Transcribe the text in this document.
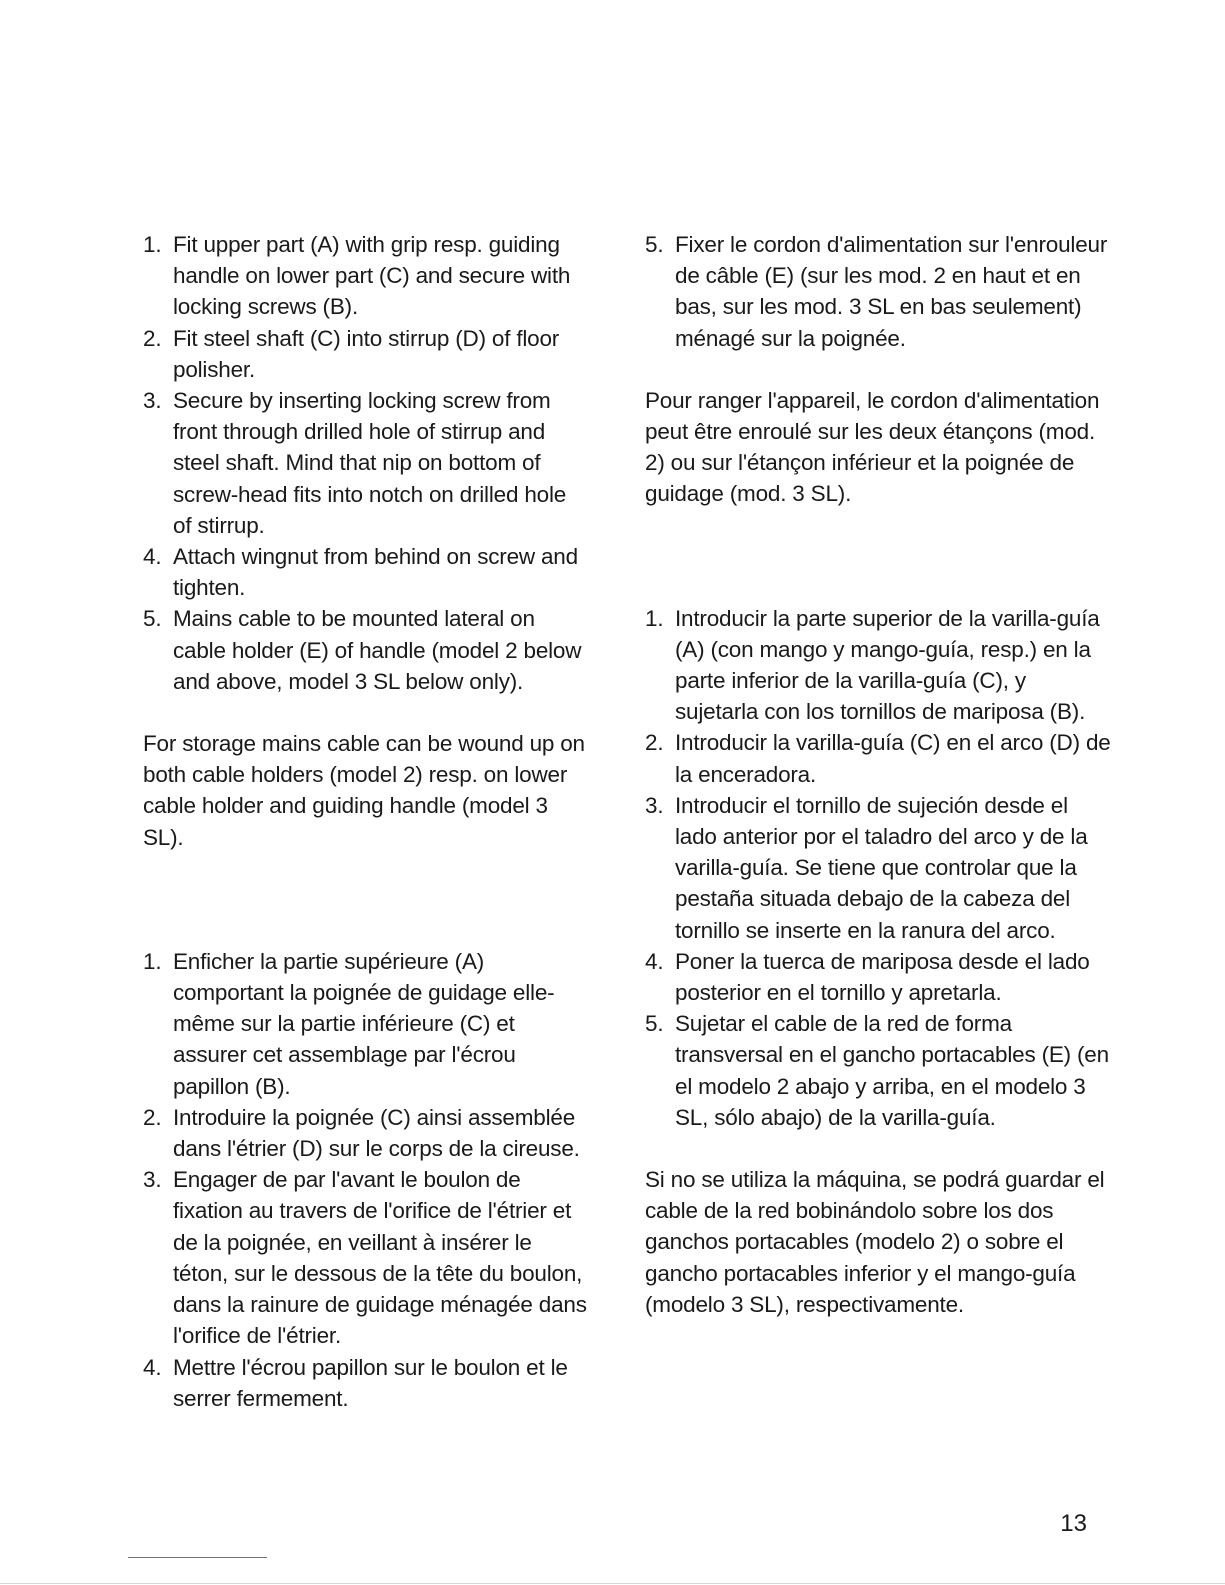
1. Fit upper part (A) with grip resp. guiding handle on lower part (C) and secure with locking screws (B).
2. Fit steel shaft (C) into stirrup (D) of floor polisher.
3. Secure by inserting locking screw from front through drilled hole of stirrup and steel shaft. Mind that nip on bottom of screw-head fits into notch on drilled hole of stirrup.
4. Attach wingnut from behind on screw and tighten.
5. Mains cable to be mounted lateral on cable holder (E) of handle (model 2 below and above, model 3 SL below only).

For storage mains cable can be wound up on both cable holders (model 2) resp. on lower cable holder and guiding handle (model 3 SL).

1. Enficher la partie supérieure (A) comportant la poignée de guidage elle-même sur la partie inférieure (C) et assurer cet assemblage par l'écrou papillon (B).
2. Introduire la poignée (C) ainsi assemblée dans l'étrier (D) sur le corps de la cireuse.
3. Engager de par l'avant le boulon de fixation au travers de l'orifice de l'étrier et de la poignée, en veillant à insérer le téton, sur le dessous de la tête du boulon, dans la rainure de guidage ménagée dans l'orifice de l'étrier.
4. Mettre l'écrou papillon sur le boulon et le serrer fermement.
5. Fixer le cordon d'alimentation sur l'enrouleur de câble (E) (sur les mod. 2 en haut et en bas, sur les mod. 3 SL en bas seulement) ménagé sur la poignée.

Pour ranger l'appareil, le cordon d'alimentation peut être enroulé sur les deux étançons (mod. 2) ou sur l'étançon inférieur et la poignée de guidage (mod. 3 SL).

1. Introducir la parte superior de la varilla-guía (A) (con mango y mango-guía, resp.) en la parte inferior de la varilla-guía (C), y sujetarla con los tornillos de mariposa (B).
2. Introducir la varilla-guía (C) en el arco (D) de la enceradora.
3. Introducir el tornillo de sujeción desde el lado anterior por el taladro del arco y de la varilla-guía. Se tiene que controlar que la pestaña situada debajo de la cabeza del tornillo se inserte en la ranura del arco.
4. Poner la tuerca de mariposa desde el lado posterior en el tornillo y apretarla.
5. Sujetar el cable de la red de forma transversal en el gancho portacables (E) (en el modelo 2 abajo y arriba, en el modelo 3 SL, sólo abajo) de la varilla-guía.

Si no se utiliza la máquina, se podrá guardar el cable de la red bobinándolo sobre los dos ganchos portacables (modelo 2) o sobre el gancho portacables inferior y el mango-guía (modelo 3 SL), respectivamente.

13
